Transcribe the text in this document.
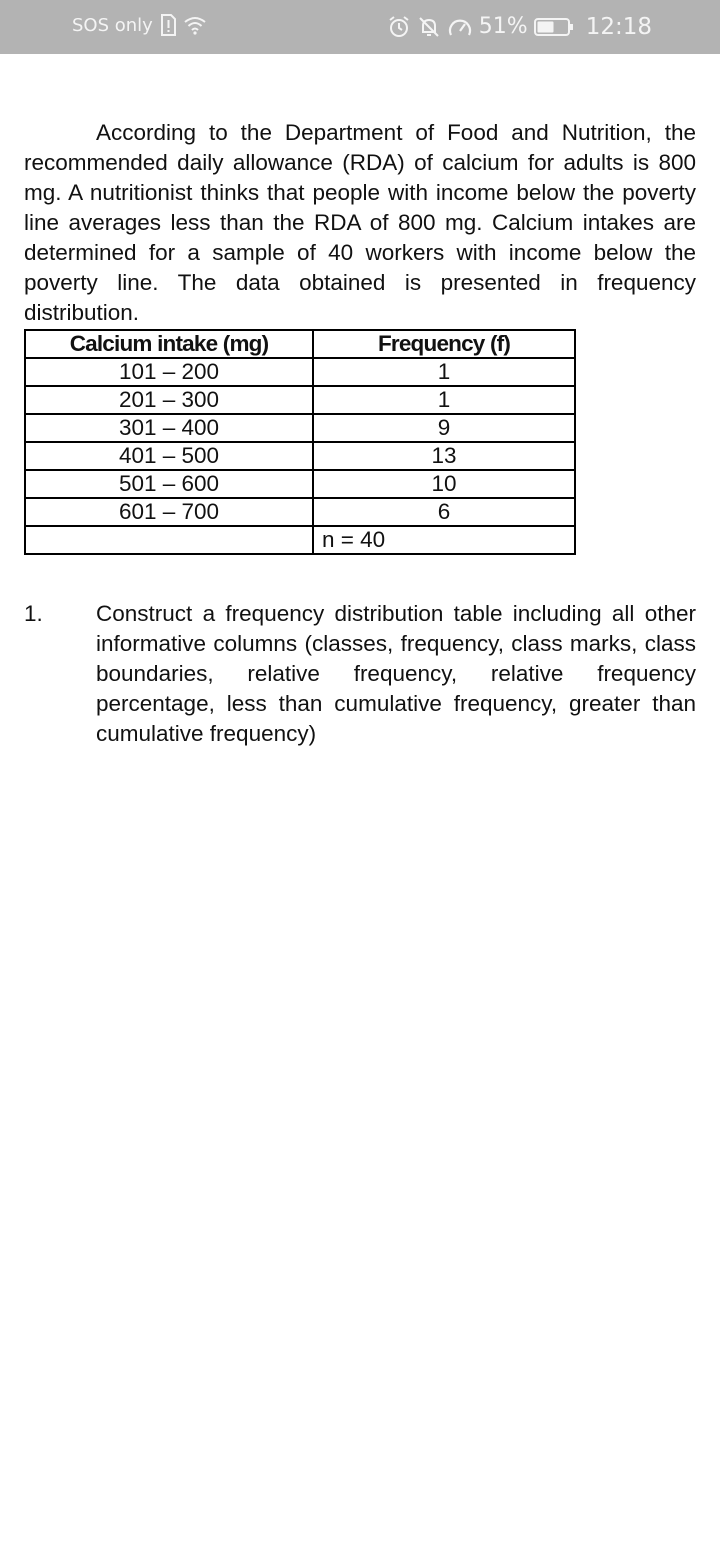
SOS only	51%	12:18

According to the Department of Food and Nutrition, the recommended daily allowance (RDA) of calcium for adults is 800 mg. A nutritionist thinks that people with income below the poverty line averages less than the RDA of 800 mg. Calcium intakes are determined for a sample of 40 workers with income below the poverty line. The data obtained is presented in frequency distribution.

Calcium intake (mg)	Frequency (f)
101 – 200	1
201 – 300	1
301 – 400	9
401 – 500	13
501 – 600	10
601 – 700	6
	n = 40
1. Construct a frequency distribution table including all other informative columns (classes, frequency, class marks, class boundaries, relative frequency, relative frequency percentage, less than cumulative frequency, greater than cumulative frequency)
